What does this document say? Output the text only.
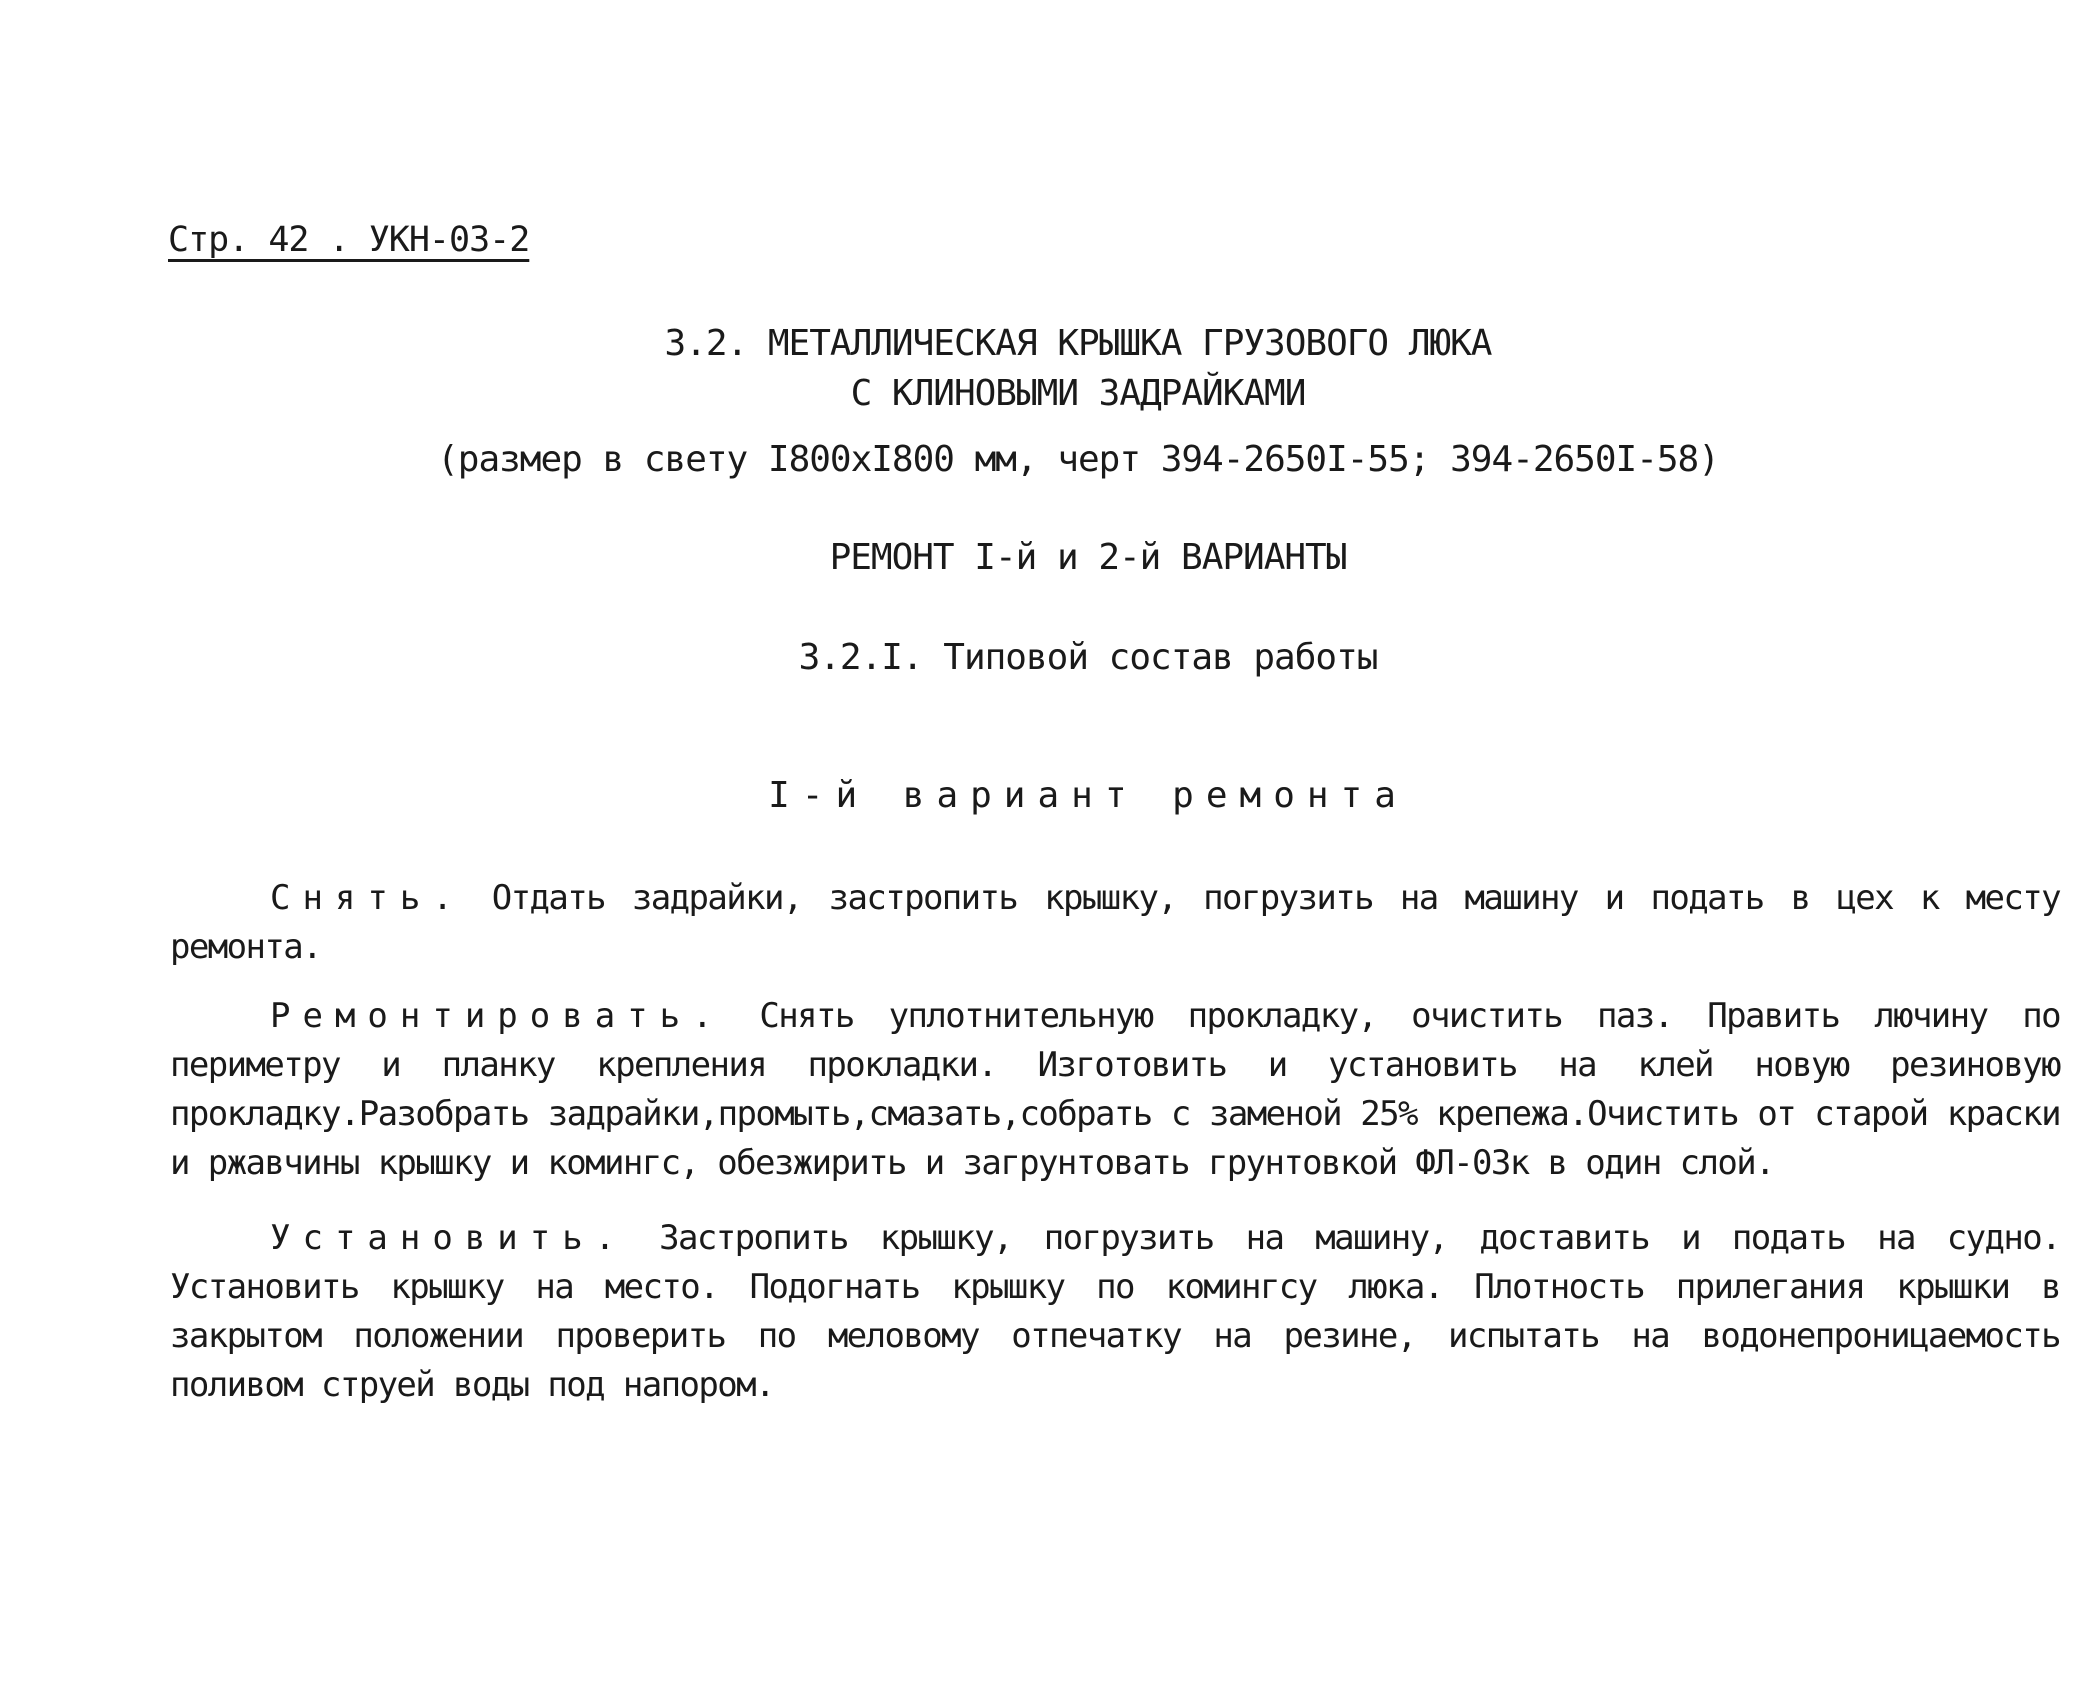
Стр. 42 . УКН-03-2
3.2. МЕТАЛЛИЧЕСКАЯ КРЫШКА ГРУЗОВОГО ЛЮКА
С КЛИНОВЫМИ ЗАДРАЙКАМИ
(размер в свету I800хI800 мм, черт 394-2650I-55; 394-2650I-58)
РЕМОНТ I-й и 2-й ВАРИАНТЫ
3.2.I. Типовой состав работы
I-й вариант ремонта
Снять. Отдать задрайки, застропить крышку, погрузить на машину и подать в цех к месту ремонта.
Ремонтировать. Снять уплотнительную прокладку, очистить паз. Править лючину по периметру и планку крепления прокладки. Изготовить и установить на клей новую резиновую прокладку.Разобрать задрайки,промыть,смазать,собрать с заменой 25% крепежа.Очистить от старой краски и ржавчины крышку и комингс, обезжирить и загрунтовать грунтовкой ФЛ-03к в один слой.
Установить. Застропить крышку, погрузить на машину, доставить и подать на судно. Установить крышку на место. Подогнать крышку по комингсу люка. Плотность прилегания крышки в закрытом положении проверить по меловому отпечатку на резине, испытать на водонепроницаемость поливом струей воды под напором.
